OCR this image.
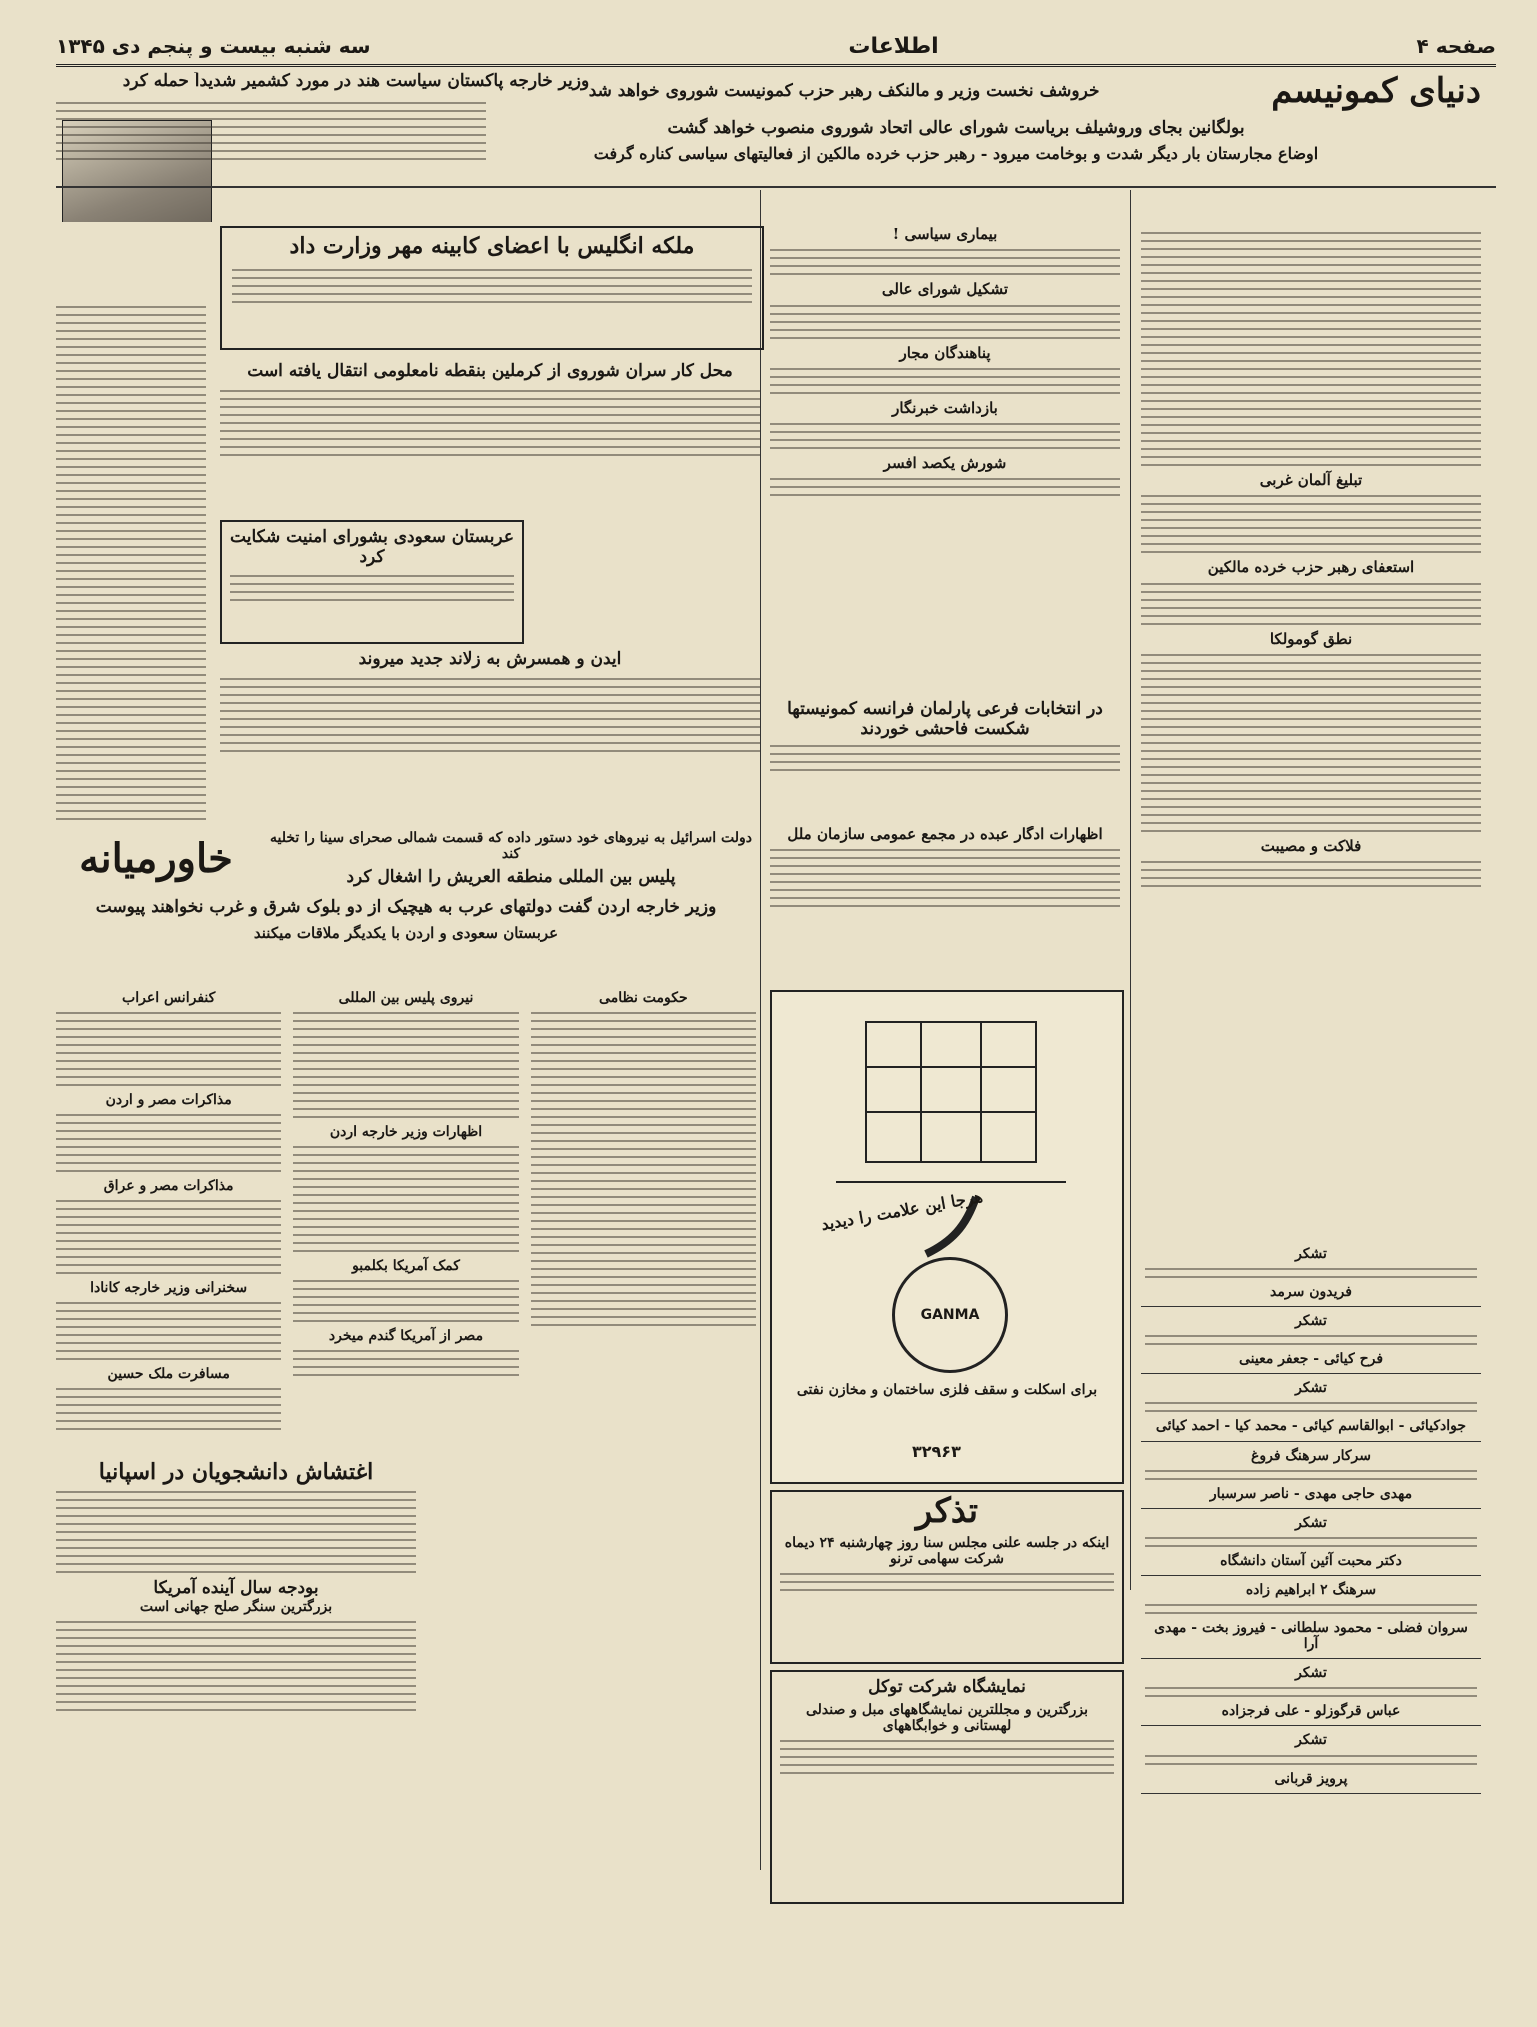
صفحه ۴
اطلاعات
سه شنبه بیست و پنجم دی ۱۳۴۵
دنیای کمونیسم
خروشف نخست وزیر و مالنکف رهبر حزب کمونیست شوروی خواهد شد
بولگانین بجای وروشیلف بریاست شورای عالی اتحاد شوروی منصوب خواهد گشت
اوضاع مجارستان بار دیگر شدت و بوخامت میرود - رهبر حزب خرده مالکین از فعالیتهای سیاسی کناره گرفت
وزیر خارجه پاکستان سیاست هند در مورد کشمیر شدیداً حمله کرد
ملکه انگلیس با اعضای کابینه مهر وزارت داد
محل کار سران شوروی از کرملین بنقطه نامعلومی انتقال یافته است
عربستان سعودی بشورای امنیت شکایت کرد
ایدن و همسرش به زلاند جدید میروند
بیماری سیاسی !
تشکیل شورای عالی
پناهندگان مجار
بازداشت خبرنگار
شورش یکصد افسر
تبلیغ آلمان غربی
استعفای رهبر حزب خرده مالکین
نطق گومولکا
فلاکت و مصیبت
در انتخابات فرعی پارلمان فرانسه کمونیستها شکست فاحشی خوردند
اظهارات ادگار عبده در مجمع عمومی سازمان ملل
دولت اسرائیل به نیروهای خود دستور داده که قسمت شمالی صحرای سینا را تخلیه کند
پلیس بین المللی منطقه العریش را اشغال کرد
خاورمیانه
وزیر خارجه اردن گفت دولتهای عرب به هیچیک از دو بلوک شرق و غرب نخواهند پیوست
عربستان سعودی و اردن با یکدیگر ملاقات میکنند
حکومت نظامی
نیروی پلیس بین المللی
اظهارات وزیر خارجه اردن
کمک آمریکا بکلمبو
مصر از آمریکا گندم میخرد
کنفرانس اعراب
مذاکرات مصر و اردن
مذاکرات مصر و عراق
سخنرانی وزیر خارجه کانادا
مسافرت ملک حسین
اغتشاش دانشجویان در اسپانیا
بودجه سال آینده آمریکا
بزرگترین سنگر صلح جهانی است
هرجا این علامت را دیدید
GANMA
برای اسکلت و سقف فلزی ساختمان و مخازن نفتی
۳۲۹۶۳
تذکر
اینکه در جلسه علنی مجلس سنا روز چهارشنبه ۲۴ دیماه شرکت سهامی ترنو
نمایشگاه شرکت توکل
بزرگترین و مجللترین نمایشگاههای مبل و صندلی لهستانی و خوابگاههای
تشکر
فریدون سرمد
تشکر
فرح کیائی - جعفر معینی
تشکر
جوادکیائی - ابوالقاسم کیائی - محمد کیا - احمد کیائی
سرکار سرهنگ فروغ
مهدی حاجی مهدی - ناصر سرسبار
تشکر
دکتر محبت آئین آستان دانشگاه
سرهنگ ۲ ابراهیم زاده
سروان فضلی - محمود سلطانی - فیروز بخت - مهدی آرا
تشکر
عباس قرگوزلو - علی فرجزاده
تشکر
پرویز قربانی
